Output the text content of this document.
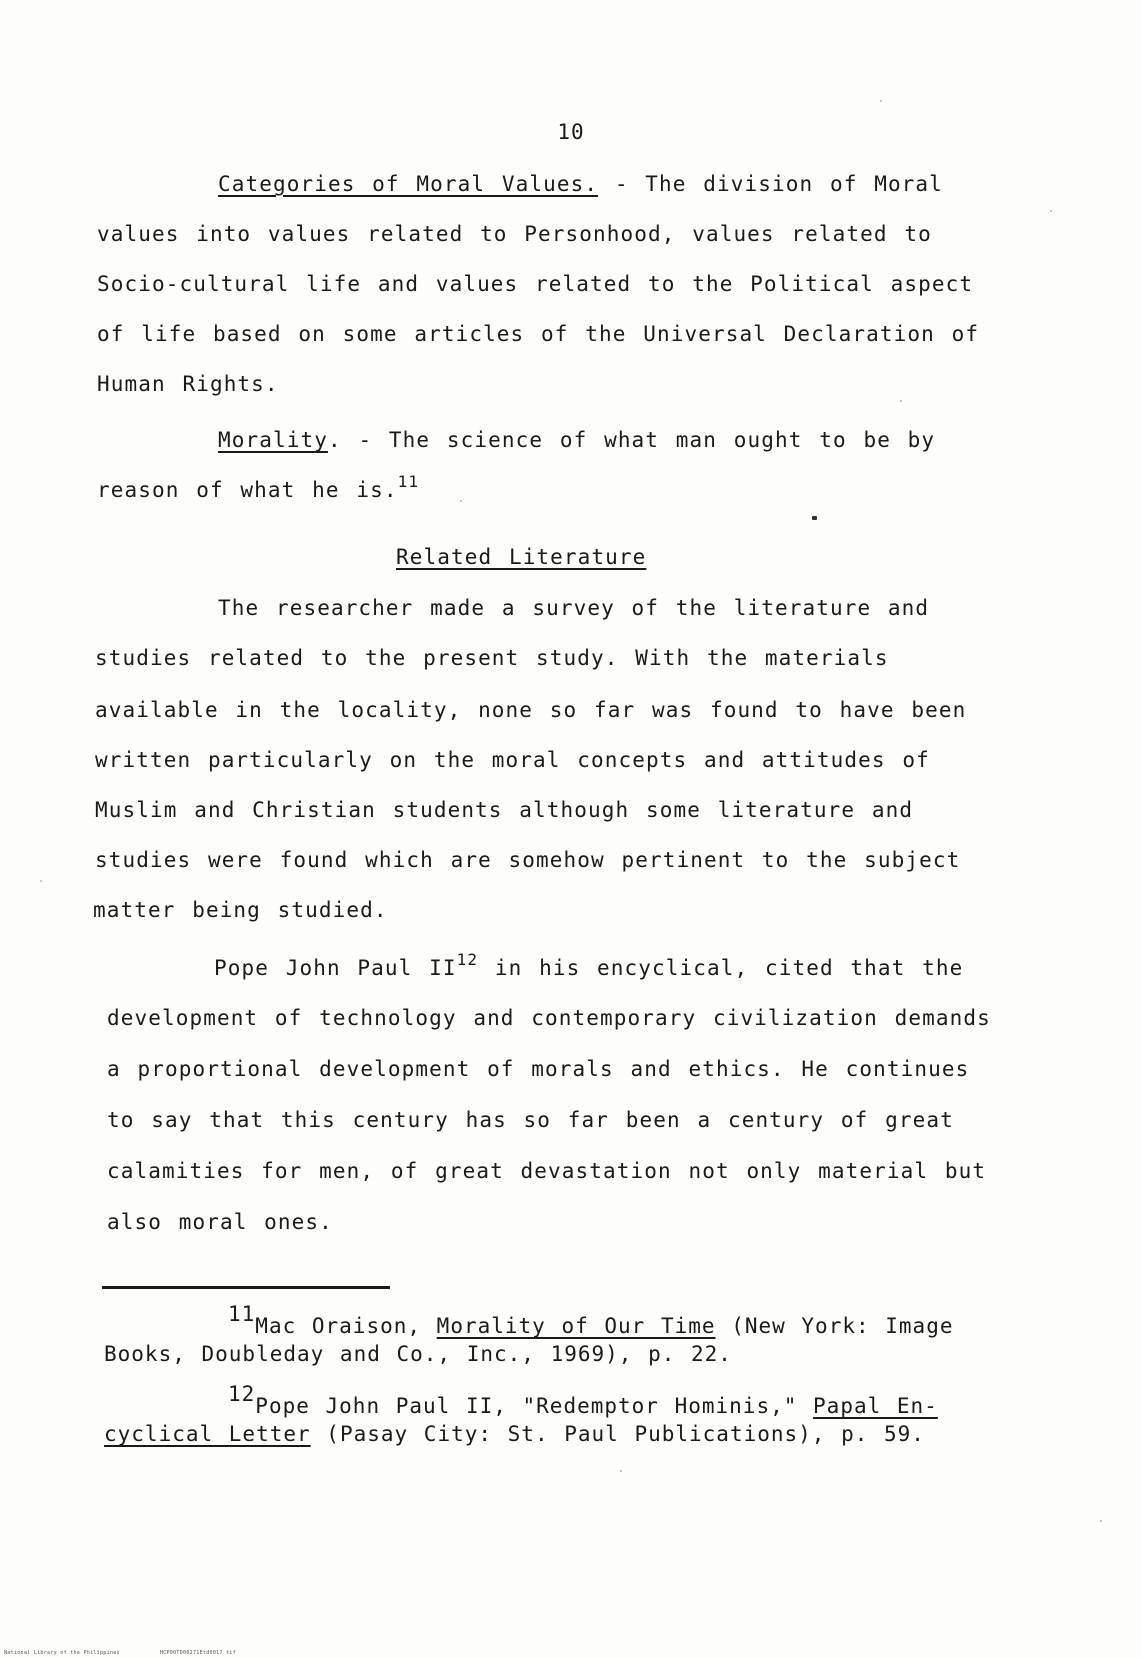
10
Categories of Moral Values. - The division of Moral
values into values related to Personhood, values related to
Socio-cultural life and values related to the Political aspect
of life based on some articles of the Universal Declaration of
Human Rights.
Morality. - The science of what man ought to be by
reason of what he is.$^{11}$
Related Literature
The researcher made a survey of the literature and
studies related to the present study. With the materials
available in the locality, none so far was found to have been
written particularly on the moral concepts and attitudes of
Muslim and Christian students although some literature and
studies were found which are somehow pertinent to the subject
matter being studied.
Pope John Paul II$^{12}$ in his encyclical, cited that the
development of technology and contemporary civilization demands
a proportional development of morals and ethics. He continues
to say that this century has so far been a century of great
calamities for men, of great devastation not only material but
also moral ones.
11Mac Oraison, Morality of Our Time (New York: Image
Books, Doubleday and Co., Inc., 1969), p. 22.
12Pope John Paul II, "Redemptor Hominis," Papal En-
cyclical Letter (Pasay City: St. Paul Publications), p. 59.
National Library of the Philippines	HCP00TD00271Etd0017 tif
